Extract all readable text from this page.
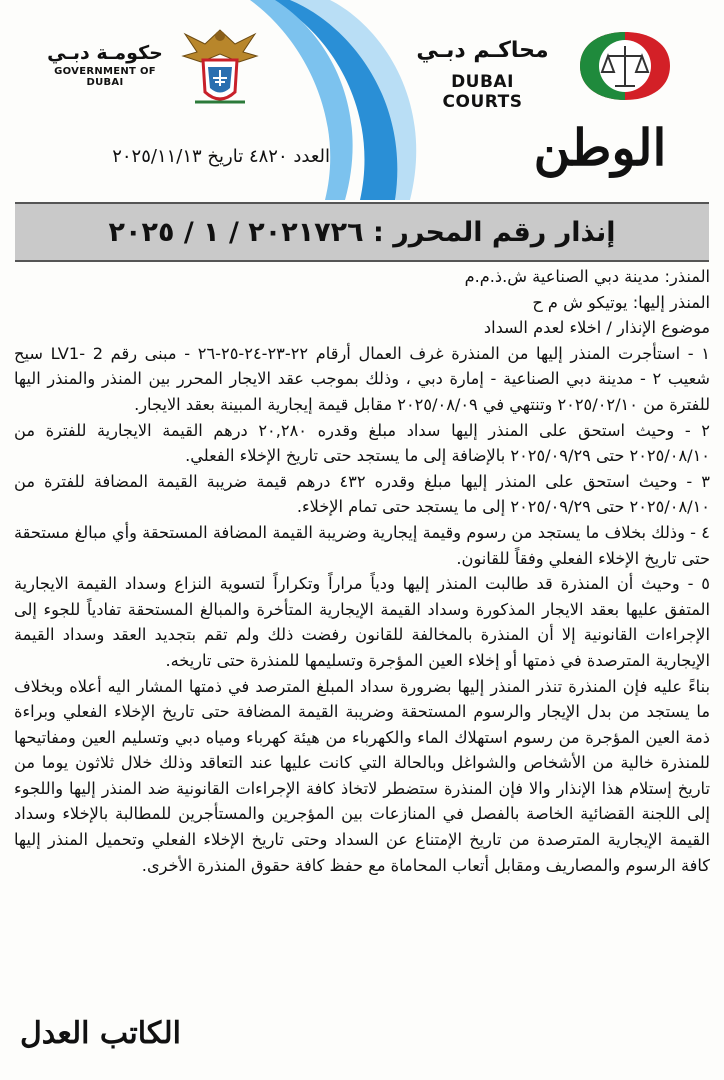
حكومـة دبـي
GOVERNMENT OF DUBAI
محاكـم دبـي
DUBAI COURTS
العدد ٤٨٢٠ تاريخ ٢٠٢٥/١١/١٣	الوطن
إنذار رقم المحرر : ٢٠٢١٧٢٦ / ١ / ٢٠٢٥

المنذر: مدينة دبي الصناعية ش.ذ.م.م

المنذر إليها: يوتيكو ش م ح

موضوع الإنذار / اخلاء لعدم السداد

١ - استأجرت المنذر إليها من المنذرة غرف العمال أرقام ٢٢-٢٣-٢٤-٢٥-٢٦ - مبنى رقم 2 -LV1 سيح شعيب ٢ - مدينة دبي الصناعية - إمارة دبي ، وذلك بموجب عقد الايجار المحرر بين المنذر والمنذر اليها للفترة من ٢٠٢٥/٠٢/١٠ وتنتهي في ٢٠٢٥/٠٨/٠٩ مقابل قيمة إيجارية المبينة بعقد الايجار.

٢ - وحيث استحق على المنذر إليها سداد مبلغ وقدره ٢٠,٢٨٠ درهم القيمة الايجارية للفترة من ٢٠٢٥/٠٨/١٠ حتى ٢٠٢٥/٠٩/٢٩ بالإضافة إلى ما يستجد حتى تاريخ الإخلاء الفعلي.

٣ - وحيث استحق على المنذر إليها مبلغ وقدره ٤٣٢ درهم قيمة ضريبة القيمة المضافة للفترة من ٢٠٢٥/٠٨/١٠ حتى ٢٠٢٥/٠٩/٢٩ إلى ما يستجد حتى تمام الإخلاء.

٤ - وذلك بخلاف ما يستجد من رسوم وقيمة إيجارية وضريبة القيمة المضافة المستحقة وأي مبالغ مستحقة حتى تاريخ الإخلاء الفعلي وفقاً للقانون.

٥ - وحيث أن المنذرة قد طالبت المنذر إليها ودياً مراراً وتكراراً لتسوية النزاع وسداد القيمة الايجارية المتفق عليها بعقد الايجار المذكورة وسداد القيمة الإيجارية المتأخرة والمبالغ المستحقة تفادياً للجوء إلى الإجراءات القانونية إلا أن المنذرة بالمخالفة للقانون رفضت ذلك ولم تقم بتجديد العقد وسداد القيمة الإيجارية المترصدة في ذمتها أو إخلاء العين المؤجرة وتسليمها للمنذرة حتى تاريخه.

بناءً عليه فإن المنذرة تنذر المنذر إليها بضرورة سداد المبلغ المترصد في ذمتها المشار اليه أعلاه وبخلاف ما يستجد من بدل الإيجار والرسوم المستحقة وضريبة القيمة المضافة حتى تاريخ الإخلاء الفعلي وبراءة ذمة العين المؤجرة من رسوم استهلاك الماء والكهرباء من هيئة كهرباء ومياه دبي وتسليم العين ومفاتيحها للمنذرة خالية من الأشخاص والشواغل وبالحالة التي كانت عليها عند التعاقد وذلك خلال ثلاثون يوما من تاريخ إستلام هذا الإنذار والا فإن المنذرة ستضطر لاتخاذ كافة الإجراءات القانونية ضد المنذر إليها واللجوء إلى اللجنة القضائية الخاصة بالفصل في المنازعات بين المؤجرين والمستأجرين للمطالبة بالإخلاء وسداد القيمة الإيجارية المترصدة من تاريخ الإمتناع عن السداد وحتى تاريخ الإخلاء الفعلي وتحميل المنذر إليها كافة الرسوم والمصاريف ومقابل أتعاب المحاماة مع حفظ كافة حقوق المنذرة الأخرى.

الكاتب العدل
